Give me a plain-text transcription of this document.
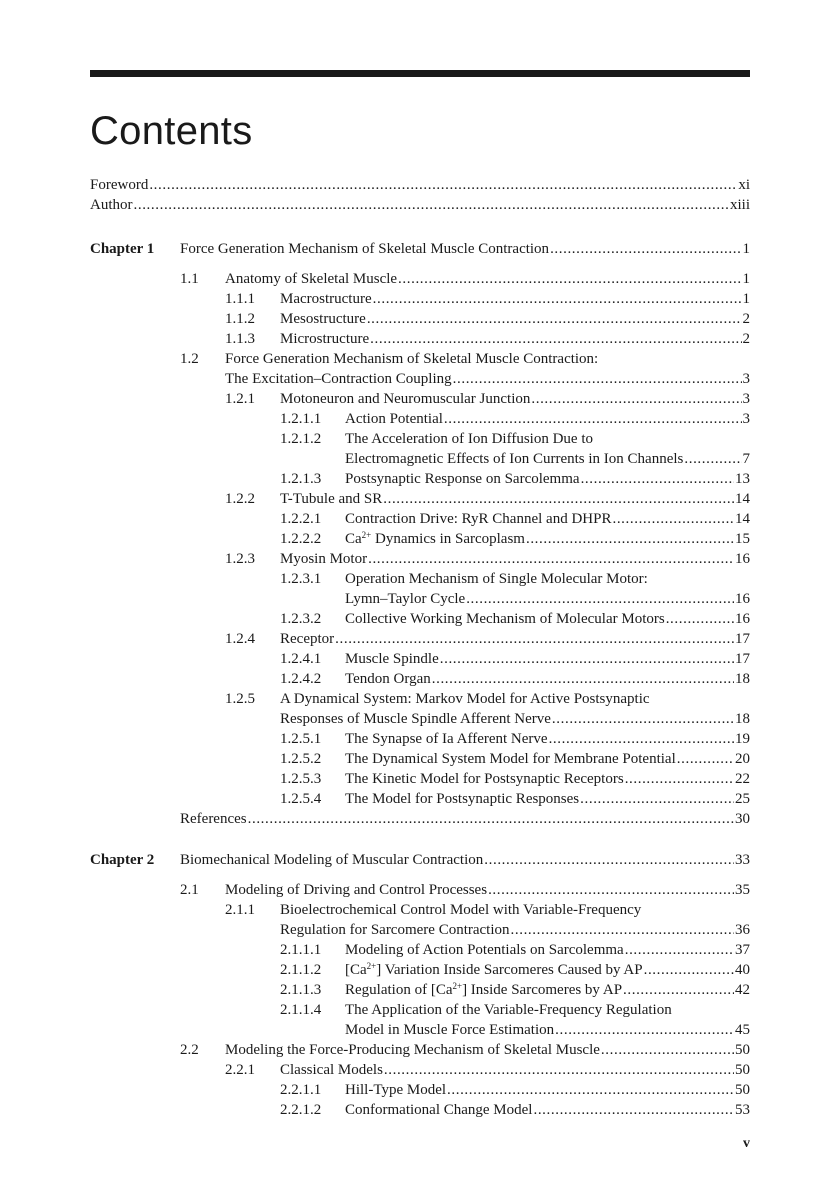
Contents
Foreword .....	xi
Author .....	xiii
Chapter 1 Force Generation Mechanism of Skeletal Muscle Contraction .....	1
1.1 Anatomy of Skeletal Muscle .....	1
1.1.1 Macrostructure .....	1
1.1.2 Mesostructure .....	2
1.1.3 Microstructure .....	2
1.2 Force Generation Mechanism of Skeletal Muscle Contraction:
The Excitation–Contraction Coupling .....	3
1.2.1 Motoneuron and Neuromuscular Junction .....	3
1.2.1.1 Action Potential .....	3
1.2.1.2 The Acceleration of Ion Diffusion Due to
Electromagnetic Effects of Ion Currents in Ion Channels .....	7
1.2.1.3 Postsynaptic Response on Sarcolemma .....	13
1.2.2 T-Tubule and SR .....	14
1.2.2.1 Contraction Drive: RyR Channel and DHPR .....	14
1.2.2.2 $Ca^{2+}$ Dynamics in Sarcoplasm .....	15
1.2.3 Myosin Motor .....	16
1.2.3.1 Operation Mechanism of Single Molecular Motor:
Lymn–Taylor Cycle .....	16
1.2.3.2 Collective Working Mechanism of Molecular Motors .....	16
1.2.4 Receptor .....	17
1.2.4.1 Muscle Spindle .....	17
1.2.4.2 Tendon Organ .....	18
1.2.5 A Dynamical System: Markov Model for Active Postsynaptic
Responses of Muscle Spindle Afferent Nerve .....	18
1.2.5.1 The Synapse of Ia Afferent Nerve .....	19
1.2.5.2 The Dynamical System Model for Membrane Potential .....	20
1.2.5.3 The Kinetic Model for Postsynaptic Receptors .....	22
1.2.5.4 The Model for Postsynaptic Responses .....	25
References .....	30
Chapter 2 Biomechanical Modeling of Muscular Contraction .....	33
2.1 Modeling of Driving and Control Processes .....	35
2.1.1 Bioelectrochemical Control Model with Variable-Frequency
Regulation for Sarcomere Contraction .....	36
2.1.1.1 Modeling of Action Potentials on Sarcolemma .....	37
2.1.1.2 $[Ca^{2+}]$ Variation Inside Sarcomeres Caused by AP .....	40
2.1.1.3 Regulation of $[Ca^{2+}]$ Inside Sarcomeres by AP .....	42
2.1.1.4 The Application of the Variable-Frequency Regulation
Model in Muscle Force Estimation .....	45
2.2 Modeling the Force-Producing Mechanism of Skeletal Muscle .....	50
2.2.1 Classical Models .....	50
2.2.1.1 Hill-Type Model .....	50
2.2.1.2 Conformational Change Model .....	53
v
